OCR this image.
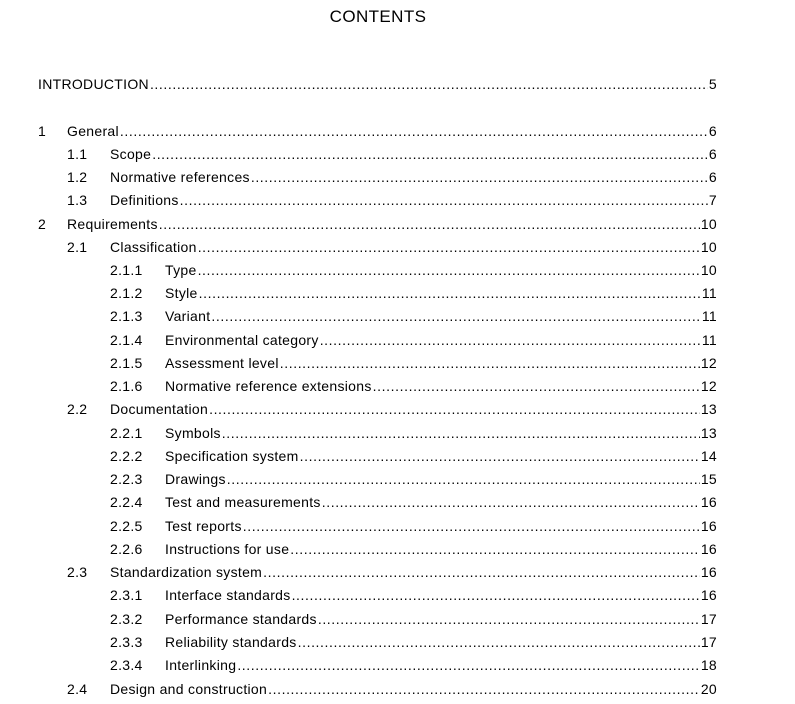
CONTENTS
INTRODUCTION .....	5
1	General .....	6
1.1	Scope .....	6
1.2	Normative references .....	6
1.3	Definitions .....	7
2	Requirements .....	10
2.1	Classification .....	10
2.1.1	Type .....	10
2.1.2	Style .....	11
2.1.3	Variant .....	11
2.1.4	Environmental category .....	11
2.1.5	Assessment level .....	12
2.1.6	Normative reference extensions .....	12
2.2	Documentation .....	13
2.2.1	Symbols .....	13
2.2.2	Specification system .....	14
2.2.3	Drawings .....	15
2.2.4	Test and measurements .....	16
2.2.5	Test reports .....	16
2.2.6	Instructions for use .....	16
2.3	Standardization system .....	16
2.3.1	Interface standards .....	16
2.3.2	Performance standards .....	17
2.3.3	Reliability standards .....	17
2.3.4	Interlinking .....	18
2.4	Design and construction .....	20
